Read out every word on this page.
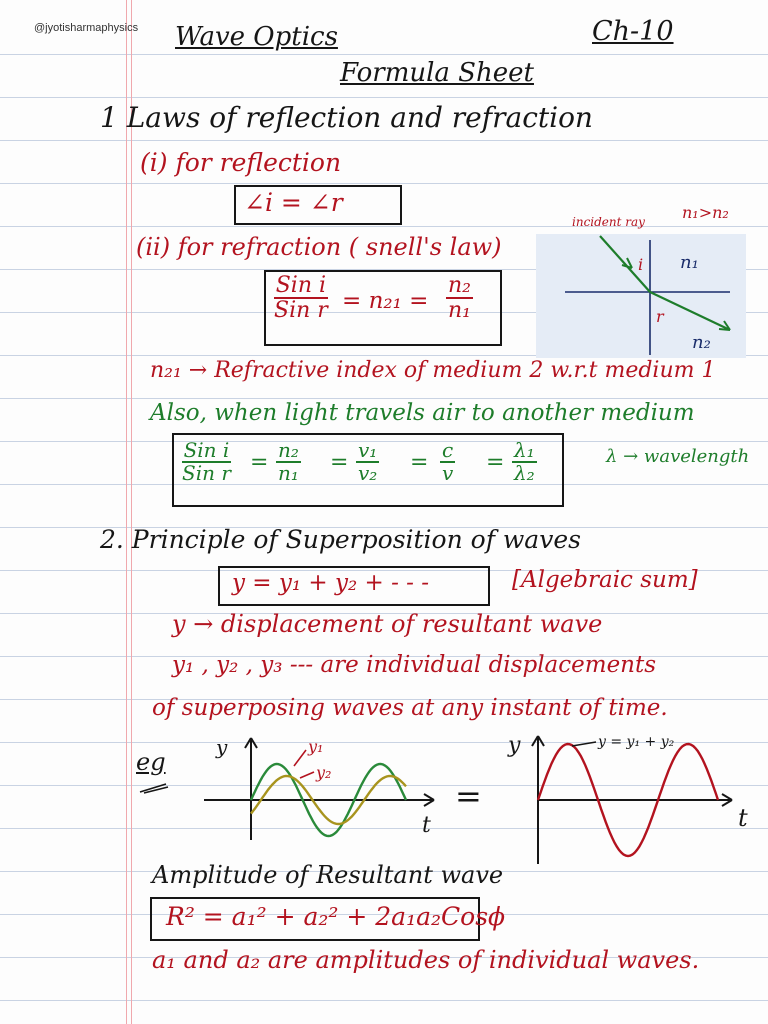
@jyotisharmaphysics Wave Optics	Ch-10
Formula Sheet
1 Laws of reflection and refraction
(i) for reflection
∠i = ∠r
(ii) for refraction ( snell's law)
Sin i
Sin $r = n_{21} = \frac{\text{n₂}}{\text{n₁}}$
incident ray n₁>n₂
n₁
n₂
i
r
n₂₁ → Refractive index of medium 2 w.r.t medium 1
Also, when light travels air to another medium
Sin i
Sin $r = \frac{\text{n₂}}{\text{n₁}} = \frac{\text{v₁}}{\text{v₂}} = \frac{c}{v} = \frac{\text{λ₁}}{\text{λ₂}}$	λ → wavelength
2. Principle of Superposition of waves
y = y₁ + y₂ + - - -	[Algebraic sum]
y → displacement of resultant wave
y₁ , y₂ , y₃ --- are individual displacements
of superposing waves at any instant of time.
eg
y
t
y₁
y₂
=
y
t
y = y₁ + y₂
Amplitude of Resultant wave
R² = a₁² + a₂² + 2a₁a₂Cosϕ
a₁ and a₂ are amplitudes of individual waves.
